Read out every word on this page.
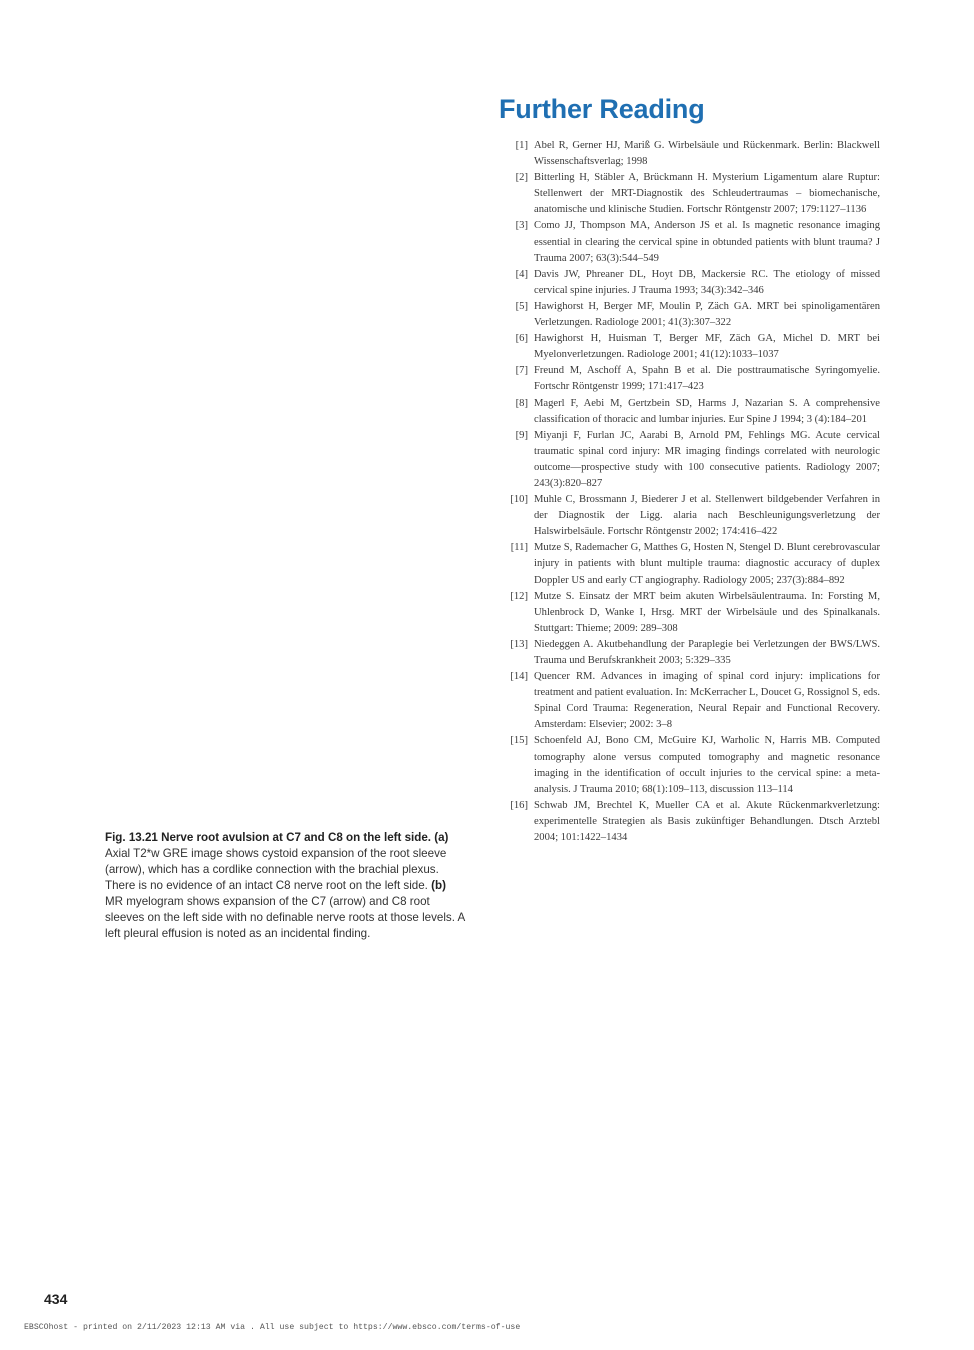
Further Reading
[1] Abel R, Gerner HJ, Mariß G. Wirbelsäule und Rückenmark. Berlin: Blackwell Wissenschaftsverlag; 1998
[2] Bitterling H, Stäbler A, Brückmann H. Mysterium Ligamentum alare Ruptur: Stellenwert der MRT-Diagnostik des Schleudertraumas – biomechanische, anatomische und klinische Studien. Fortschr Röntgenstr 2007; 179:1127–1136
[3] Como JJ, Thompson MA, Anderson JS et al. Is magnetic resonance imaging essential in clearing the cervical spine in obtunded patients with blunt trauma? J Trauma 2007; 63(3):544–549
[4] Davis JW, Phreaner DL, Hoyt DB, Mackersie RC. The etiology of missed cervical spine injuries. J Trauma 1993; 34(3):342–346
[5] Hawighorst H, Berger MF, Moulin P, Zäch GA. MRT bei spinoligamentären Verletzungen. Radiologe 2001; 41(3):307–322
[6] Hawighorst H, Huisman T, Berger MF, Zäch GA, Michel D. MRT bei Myelonverletzungen. Radiologe 2001; 41(12):1033–1037
[7] Freund M, Aschoff A, Spahn B et al. Die posttraumatische Syringomyelie. Fortschr Röntgenstr 1999; 171:417–423
[8] Magerl F, Aebi M, Gertzbein SD, Harms J, Nazarian S. A comprehensive classification of thoracic and lumbar injuries. Eur Spine J 1994; 3 (4):184–201
[9] Miyanji F, Furlan JC, Aarabi B, Arnold PM, Fehlings MG. Acute cervical traumatic spinal cord injury: MR imaging findings correlated with neurologic outcome—prospective study with 100 consecutive patients. Radiology 2007; 243(3):820–827
[10] Muhle C, Brossmann J, Biederer J et al. Stellenwert bildgebender Verfahren in der Diagnostik der Ligg. alaria nach Beschleunigungsverletzung der Halswirbelsäule. Fortschr Röntgenstr 2002; 174:416–422
[11] Mutze S, Rademacher G, Matthes G, Hosten N, Stengel D. Blunt cerebrovascular injury in patients with blunt multiple trauma: diagnostic accuracy of duplex Doppler US and early CT angiography. Radiology 2005; 237(3):884–892
[12] Mutze S. Einsatz der MRT beim akuten Wirbelsäulentrauma. In: Forsting M, Uhlenbrock D, Wanke I, Hrsg. MRT der Wirbelsäule und des Spinalkanals. Stuttgart: Thieme; 2009: 289–308
[13] Niedeggen A. Akutbehandlung der Paraplegie bei Verletzungen der BWS/LWS. Trauma und Berufskrankheit 2003; 5:329–335
[14] Quencer RM. Advances in imaging of spinal cord injury: implications for treatment and patient evaluation. In: McKerracher L, Doucet G, Rossignol S, eds. Spinal Cord Trauma: Regeneration, Neural Repair and Functional Recovery. Amsterdam: Elsevier; 2002: 3–8
[15] Schoenfeld AJ, Bono CM, McGuire KJ, Warholic N, Harris MB. Computed tomography alone versus computed tomography and magnetic resonance imaging in the identification of occult injuries to the cervical spine: a meta-analysis. J Trauma 2010; 68(1):109–113, discussion 113–114
[16] Schwab JM, Brechtel K, Mueller CA et al. Akute Rückenmarkverletzung: experimentelle Strategien als Basis zukünftiger Behandlungen. Dtsch Arztebl 2004; 101:1422–1434
Fig. 13.21 Nerve root avulsion at C7 and C8 on the left side. (a) Axial T2*w GRE image shows cystoid expansion of the root sleeve (arrow), which has a cordlike connection with the brachial plexus. There is no evidence of an intact C8 nerve root on the left side. (b) MR myelogram shows expansion of the C7 (arrow) and C8 root sleeves on the left side with no definable nerve roots at those levels. A left pleural effusion is noted as an incidental finding.
434
EBSCOhost - printed on 2/11/2023 12:13 AM via . All use subject to https://www.ebsco.com/terms-of-use
